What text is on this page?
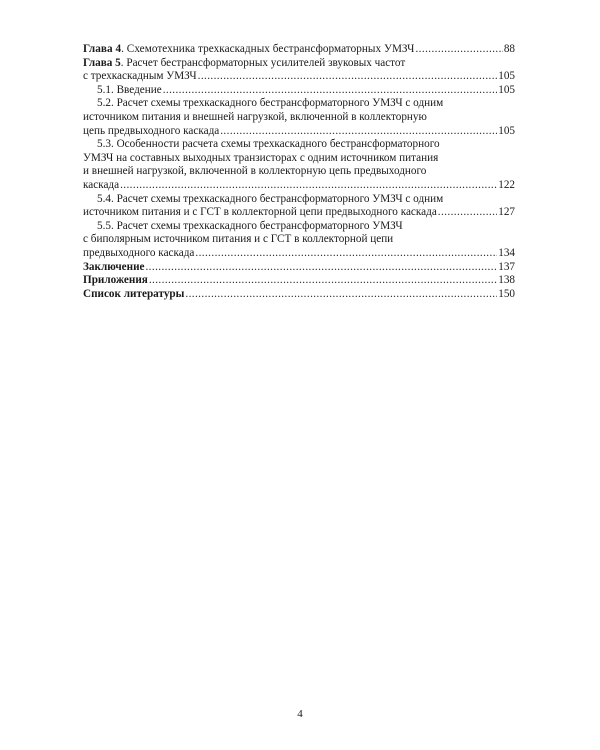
Глава 4. Схемотехника трехкаскадных бестрансформаторных УМЗЧ .....	88
Глава 5. Расчет бестрансформаторных усилителей звуковых частот
с трехкаскадным УМЗЧ .....	105
5.1. Введение .....	105
5.2. Расчет схемы трехкаскадного бестрансформаторного УМЗЧ с одним
источником питания и внешней нагрузкой, включенной в коллекторную
цепь предвыходного каскада .....	105
5.3. Особенности расчета схемы трехкаскадного бестрансформаторного
УМЗЧ на составных выходных транзисторах с одним источником питания
и внешней нагрузкой, включенной в коллекторную цепь предвыходного
каскада .....	122
5.4. Расчет схемы трехкаскадного бестрансформаторного УМЗЧ с одним
источником питания и с ГСТ в коллекторной цепи предвыходного каскада .....	127
5.5. Расчет схемы трехкаскадного бестрансформаторного УМЗЧ
с биполярным источником питания и с ГСТ в коллекторной цепи
предвыходного каскада .....	134
Заключение .....	137
Приложения .....	138
Список литературы .....	150
4
